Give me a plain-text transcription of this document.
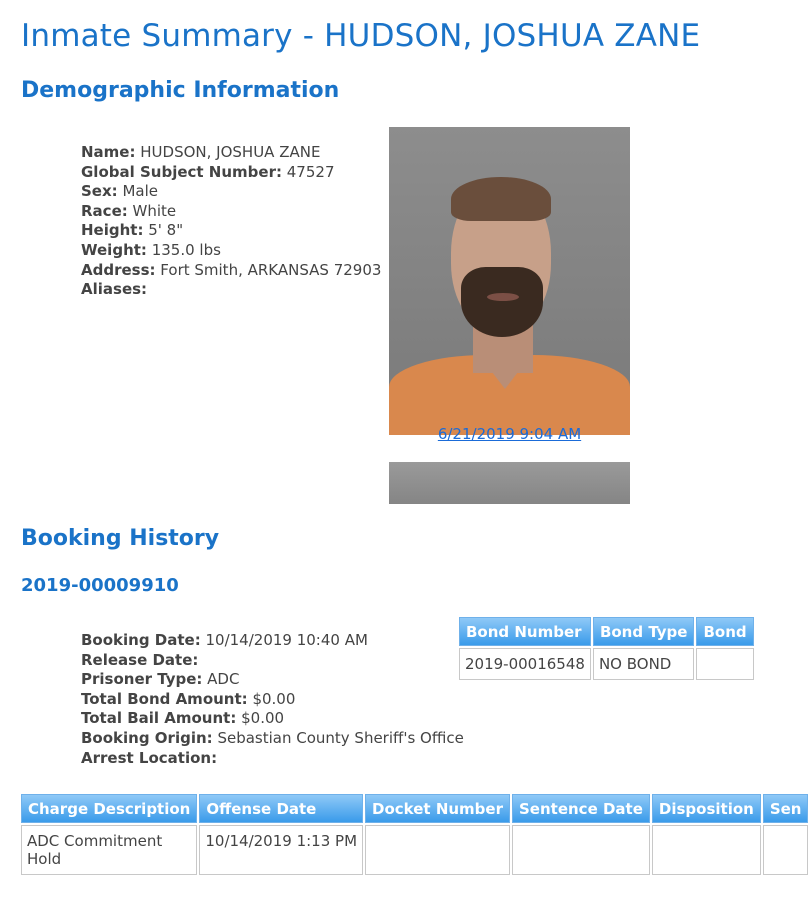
Inmate Summary - HUDSON, JOSHUA ZANE
Demographic Information
Name: HUDSON, JOSHUA ZANE
Global Subject Number: 47527
Sex: Male
Race: White
Height: 5' 8"
Weight: 135.0 lbs
Address: Fort Smith, ARKANSAS 72903
Aliases:
6/21/2019 9:04 AM
Booking History
2019-00009910
Bond Number	Bond Type	Bond
2019-00016548	NO BOND	
Booking Date: 10/14/2019 10:40 AM
Release Date:
Prisoner Type: ADC
Total Bond Amount: $0.00
Total Bail Amount: $0.00
Booking Origin: Sebastian County Sheriff's Office
Arrest Location:
Charge Description	Offense Date	Docket Number	Sentence Date	Disposition	Sen
ADC Commitment Hold	10/14/2019 1:13 PM				
